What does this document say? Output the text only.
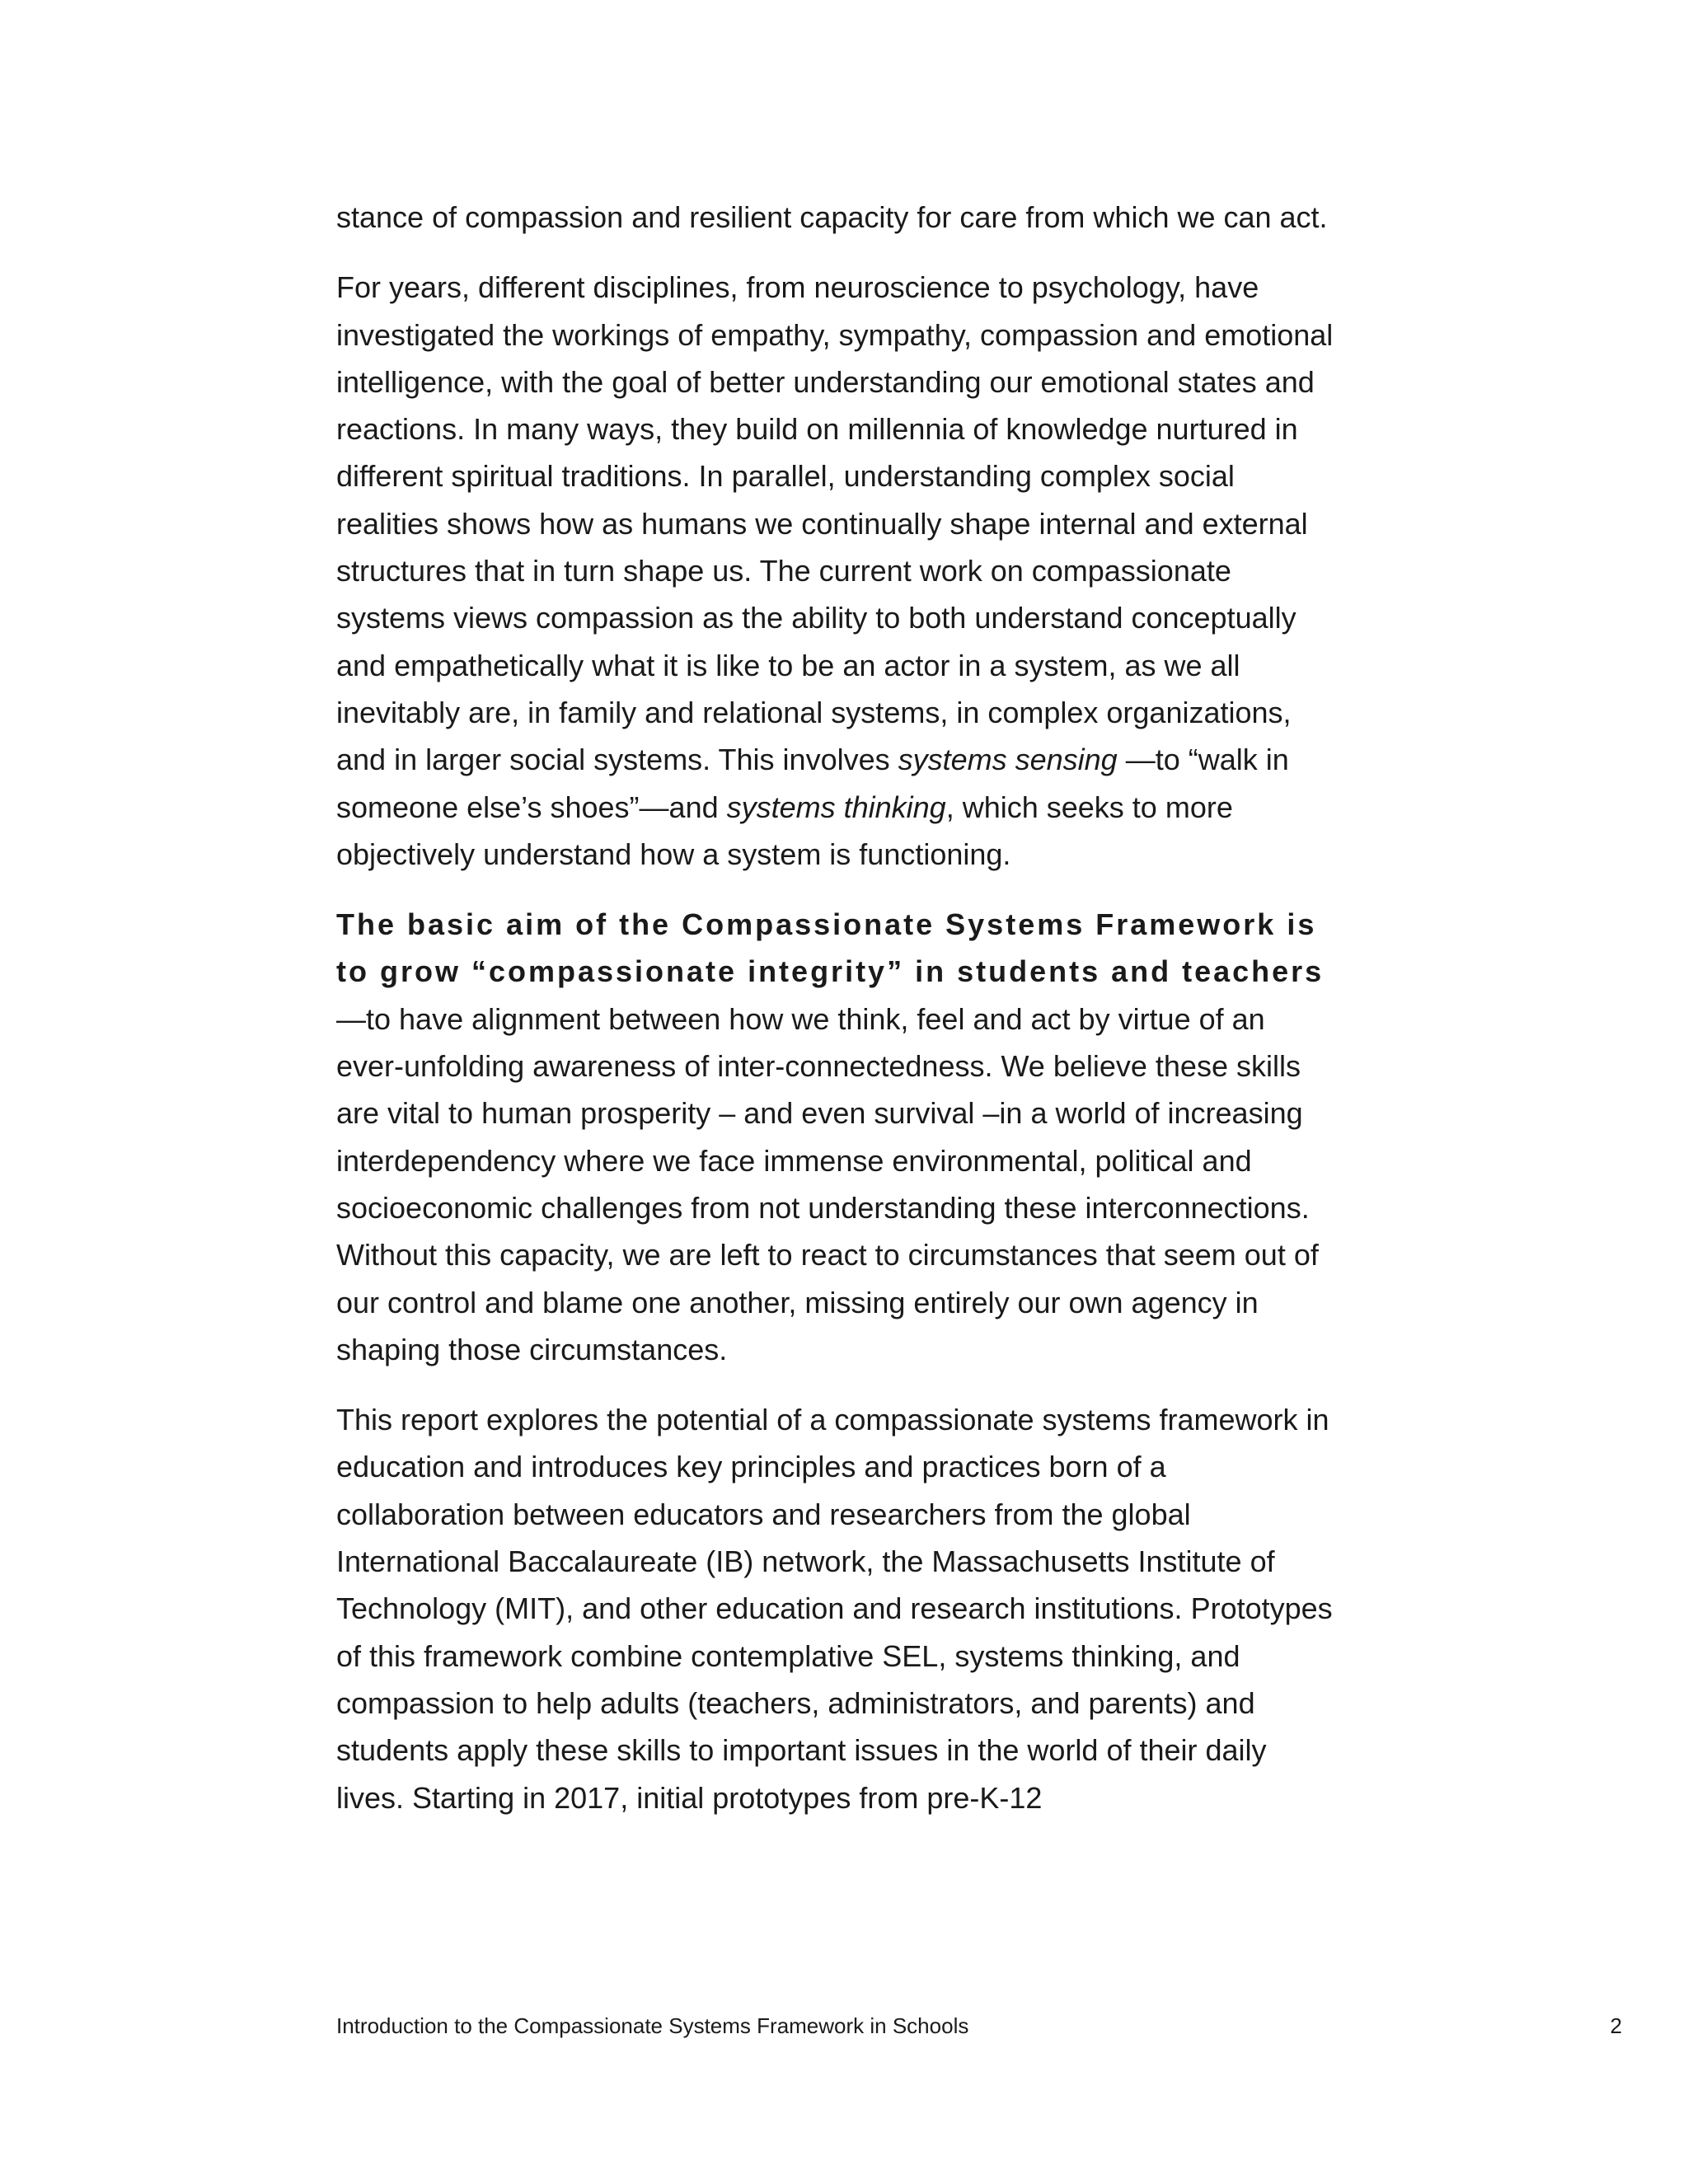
stance of compassion and resilient capacity for care from which we can act.

For years, different disciplines, from neuroscience to psychology, have investigated the workings of empathy, sympathy, compassion and emotional intelligence, with the goal of better understanding our emotional states and reactions. In many ways, they build on millennia of knowledge nurtured in different spiritual traditions. In parallel, understanding complex social realities shows how as humans we continually shape internal and external structures that in turn shape us. The current work on compassionate systems views compassion as the ability to both understand conceptually and empathetically what it is like to be an actor in a system, as we all inevitably are, in family and relational systems, in complex organizations, and in larger social systems. This involves systems sensing —to “walk in someone else’s shoes”—and systems thinking, which seeks to more objectively understand how a system is functioning.

The basic aim of the Compassionate Systems Framework is to grow “compassionate integrity” in students and teachers—to have alignment between how we think, feel and act by virtue of an ever-unfolding awareness of inter-connectedness. We believe these skills are vital to human prosperity – and even survival –in a world of increasing interdependency where we face immense environmental, political and socioeconomic challenges from not understanding these interconnections. Without this capacity, we are left to react to circumstances that seem out of our control and blame one another, missing entirely our own agency in shaping those circumstances.

This report explores the potential of a compassionate systems framework in education and introduces key principles and practices born of a collaboration between educators and researchers from the global International Baccalaureate (IB) network, the Massachusetts Institute of Technology (MIT), and other education and research institutions. Prototypes of this framework combine contemplative SEL, systems thinking, and compassion to help adults (teachers, administrators, and parents) and students apply these skills to important issues in the world of their daily lives. Starting in 2017, initial prototypes from pre-K-12

Introduction to the Compassionate Systems Framework in Schools	2
